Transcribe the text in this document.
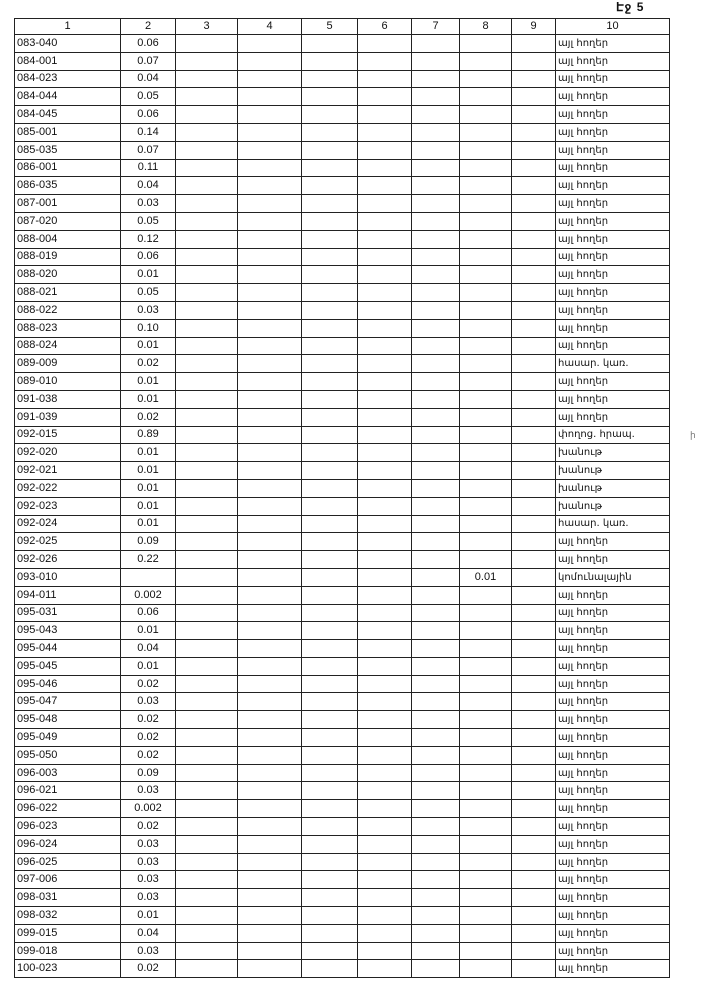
Էջ 5
ի
1	2	3	4	5	6	7	8	9	10
083-040	0.06								այլ հողեր
084-001	0.07								այլ հողեր
084-023	0.04								այլ հողեր
084-044	0.05								այլ հողեր
084-045	0.06								այլ հողեր
085-001	0.14								այլ հողեր
085-035	0.07								այլ հողեր
086-001	0.11								այլ հողեր
086-035	0.04								այլ հողեր
087-001	0.03								այլ հողեր
087-020	0.05								այլ հողեր
088-004	0.12								այլ հողեր
088-019	0.06								այլ հողեր
088-020	0.01								այլ հողեր
088-021	0.05								այլ հողեր
088-022	0.03								այլ հողեր
088-023	0.10								այլ հողեր
088-024	0.01								այլ հողեր
089-009	0.02								հասար. կառ.
089-010	0.01								այլ հողեր
091-038	0.01								այլ հողեր
091-039	0.02								այլ հողեր
092-015	0.89								փողոց. հրապ.
092-020	0.01								խանութ
092-021	0.01								խանութ
092-022	0.01								խանութ
092-023	0.01								խանութ
092-024	0.01								հասար. կառ.
092-025	0.09								այլ հողեր
092-026	0.22								այլ հողեր
093-010							0.01		կոմունալային
094-011	0.002								այլ հողեր
095-031	0.06								այլ հողեր
095-043	0.01								այլ հողեր
095-044	0.04								այլ հողեր
095-045	0.01								այլ հողեր
095-046	0.02								այլ հողեր
095-047	0.03								այլ հողեր
095-048	0.02								այլ հողեր
095-049	0.02								այլ հողեր
095-050	0.02								այլ հողեր
096-003	0.09								այլ հողեր
096-021	0.03								այլ հողեր
096-022	0.002								այլ հողեր
096-023	0.02								այլ հողեր
096-024	0.03								այլ հողեր
096-025	0.03								այլ հողեր
097-006	0.03								այլ հողեր
098-031	0.03								այլ հողեր
098-032	0.01								այլ հողեր
099-015	0.04								այլ հողեր
099-018	0.03								այլ հողեր
100-023	0.02								այլ հողեր
